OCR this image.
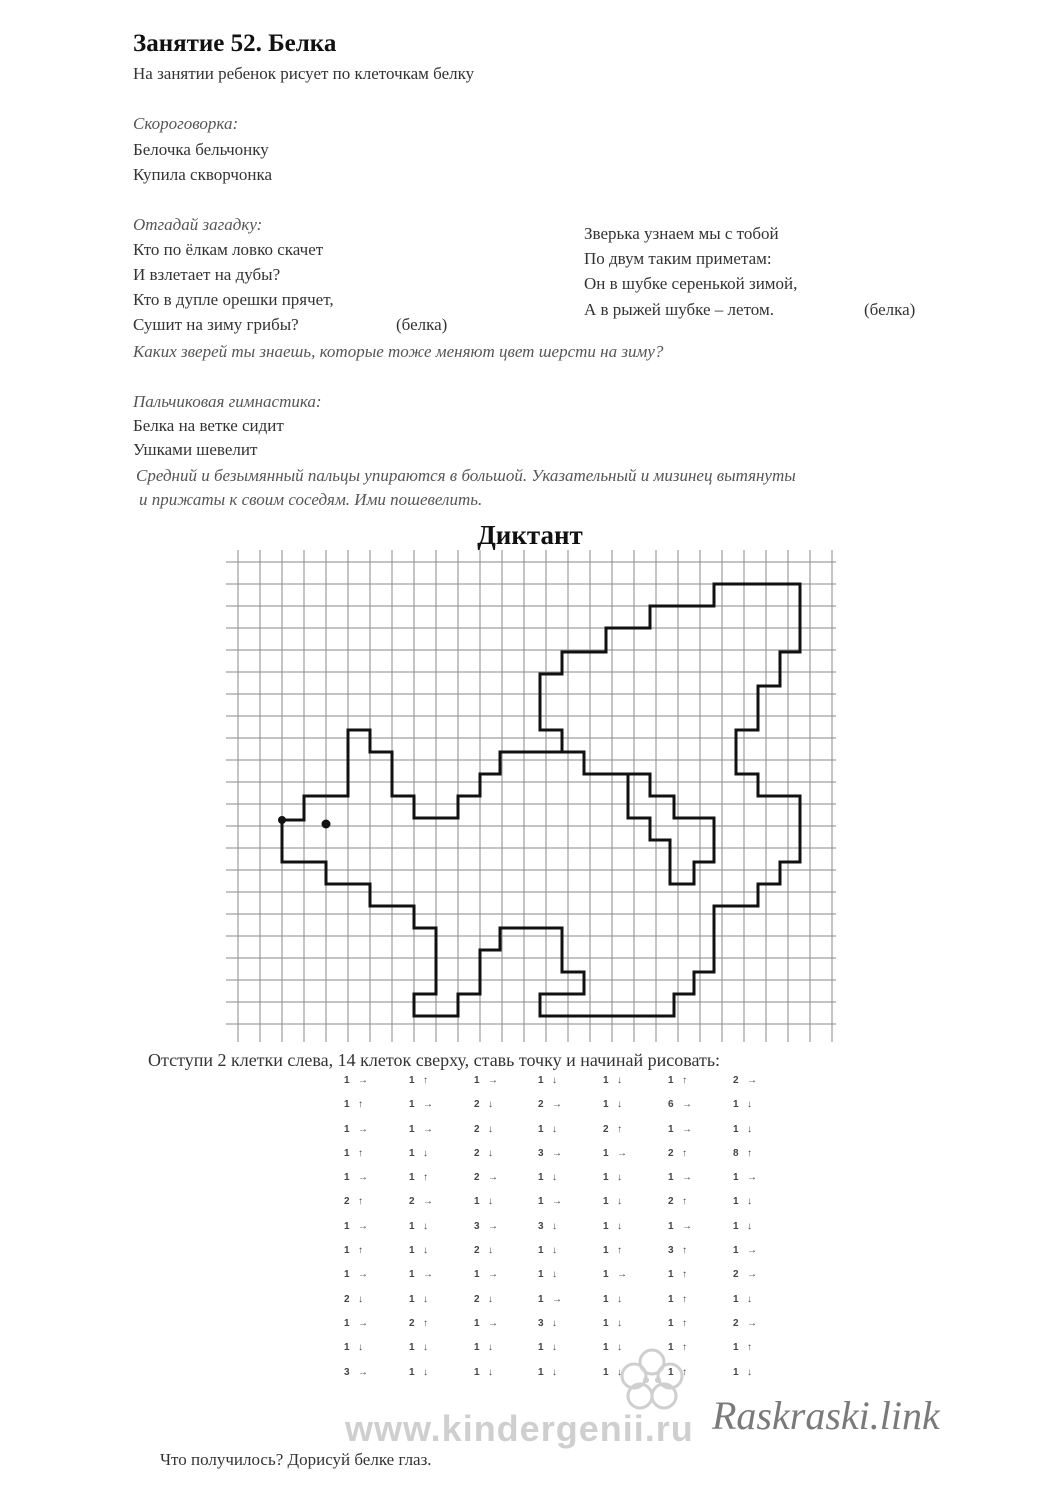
Занятие 52. Белка
На занятии ребенок рисует по клеточкам белку
Скороговорка:
Белочка бельчонку
Купила скворчонка
Отгадай загадку:
Кто по ёлкам ловко скачет
И взлетает на дубы?
Кто в дупле орешки прячет,
Сушит на зиму грибы?	(белка)
Зверька узнаем мы с тобой
По двум таким приметам:
Он в шубке серенькой зимой,
А в рыжей шубке – летом.	(белка)
Каких зверей ты знаешь, которые тоже меняют цвет шерсти на зиму?
Пальчиковая гимнастика:
Белка на ветке сидит
Ушками шевелит
Средний и безымянный пальцы упираются в большой. Указательный и мизинец вытянуты
и прижаты к своим соседям. Ими пошевелить.
Диктант
Отступи 2 клетки слева, 14 клеток сверху, ставь точку и начинай рисовать:
1 →
1 ↑
1 →
1 ↑
1 →
2 ↑
1 →
1 ↑
1 →
2 ↓
1 →
1 ↓
3 →
1 ↑
1 →
1 →
1 ↓
1 ↑
2 →
1 ↓
1 ↓
1 →
1 ↓
2 ↑
1 ↓
1 ↓
1 →
2 ↓
2 ↓
2 ↓
2 →
1 ↓
3 →
2 ↓
1 →
2 ↓
1 →
1 ↓
1 ↓
1 ↓
2 →
1 ↓
3 →
1 ↓
1 →
3 ↓
1 ↓
1 ↓
1 →
3 ↓
1 ↓
1 ↓
1 ↓
1 ↓
2 ↑
1 →
1 ↓
1 ↓
1 ↓
1 ↑
1 →
1 ↓
1 ↓
1 ↓
1 ↓
1 ↑
6 →
1 →
2 ↑
1 →
2 ↑
1 →
3 ↑
1 ↑
1 ↑
1 ↑
1 ↑
1 ↑
2 →
1 ↓
1 ↓
8 ↑
1 →
1 ↓
1 ↓
1 →
2 →
1 ↓
2 →
1 ↑
1 ↓
www.kindergenii.ru Raskraski.link
Что получилось? Дорисуй белке глаз.
